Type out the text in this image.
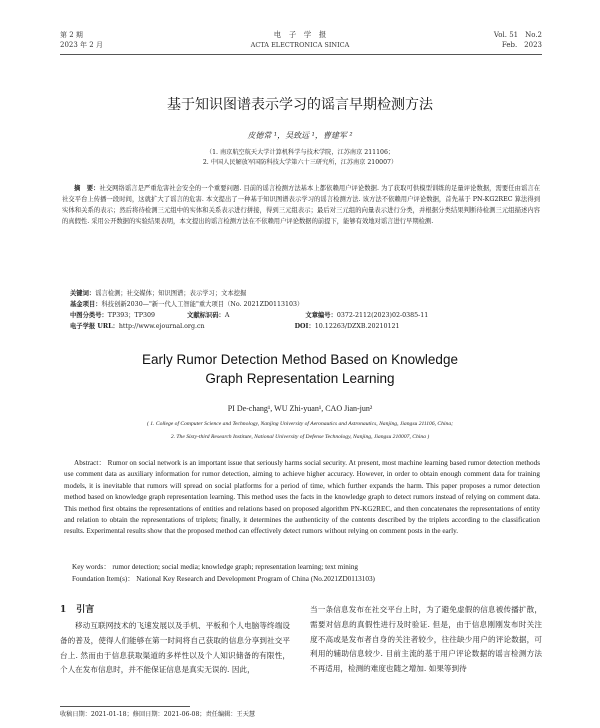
第 2 期
2023 年 2 月
电　子　学　报
ACTA ELECTRONICA SINICA
Vol. 51　No.2
Feb.　2023
基于知识图谱表示学习的谣言早期检测方法
皮德常 ¹，吴致远 ¹，曹建军 ²
（1. 南京航空航天大学计算机科学与技术学院，江苏南京 211106；
2. 中国人民解放军国防科技大学第六十三研究所，江苏南京 210007）
摘　要：社交网络谣言是严重危害社会安全的一个重要问题. 目前的谣言检测方法基本上都依赖用户评论数据. 为了获取可供模型训练的足量评论数据，需要任由谣言在社交平台上传播一段时间，这就扩大了谣言的危害. 本文提出了一种基于知识图谱表示学习的谣言检测方法. 该方法不依赖用户评论数据，首先基于 PN-KG2REC 算法得到实体和关系的表示；然后将待检测三元组中的实体和关系表示进行拼接，得到三元组表示；最后对三元组的向量表示进行分类，并根据分类结果判断待检测三元组描述内容的真假性. 采用公开数据的实验结果表明，本文提出的谣言检测方法在不依赖用户评论数据的前提下，能够有效地对谣言进行早期检测.
关键词：谣言检测；社交媒体；知识图谱；表示学习；文本挖掘
基金项目：科技创新2030—"新一代人工智能"重大项目（No. 2021ZD0113103）
中图分类号：TP393；TP309	文献标识码：A	文章编号：0372-2112(2023)02-0385-11
电子学报 URL：http://www.ejournal.org.cn	DOI：10.12263/DZXB.20210121
Early Rumor Detection Method Based on Knowledge
Graph Representation Learning
PI De-chang¹, WU Zhi-yuan¹, CAO Jian-jun²
( 1. College of Computer Science and Technology, Nanjing University of Aeronautics and Astronautics, Nanjing, Jiangsu 211106, China;
2. The Sixty-third Research Institute, National University of Defense Technology, Nanjing, Jiangsu 210007, China )
Abstract： Rumor on social network is an important issue that seriously harms social security. At present, most machine learning based rumor detection methods use comment data as auxiliary information for rumor detection, aiming to achieve higher accuracy. However, in order to obtain enough comment data for training models, it is inevitable that rumors will spread on social platforms for a period of time, which further expands the harm. This paper proposes a rumor detection method based on knowledge graph representation learning. This method uses the facts in the knowledge graph to detect rumors instead of relying on comment data. This method first obtains the representations of entities and relations based on proposed algorithm PN-KG2REC, and then concatenates the representations of entity and relation to obtain the representations of triplets; finally, it determines the authenticity of the contents described by the triplets according to the classification results. Experimental results show that the proposed method can effectively detect rumors without relying on comment posts in the early.
Key words： rumor detection; social media; knowledge graph; representation learning; text mining
Foundation Item(s)： National Key Research and Development Program of China (No.2021ZD0113103)
1 引言
移动互联网技术的飞速发展以及手机、平板和个人电脑等终端设备的普及，使得人们能够在第一时间将自己获取的信息分享到社交平台上. 然而由于信息获取渠道的多样性以及个人知识储备的有限性，个人在发布信息时，并不能保证信息是真实无误的. 因此，
当一条信息发布在社交平台上时，为了避免虚假的信息被传播扩散，需要对信息的真假性进行及时验证. 但是，由于信息刚刚发布时关注度不高或是发布者自身的关注者较少，往往缺少用户的评论数据，可利用的辅助信息较少. 目前主流的基于用户评论数据的谣言检测方法不再适用，检测的难度也随之增加. 如果等到待
收稿日期：2021-01-18；修回日期：2021-06-08；责任编辑：王天慧
